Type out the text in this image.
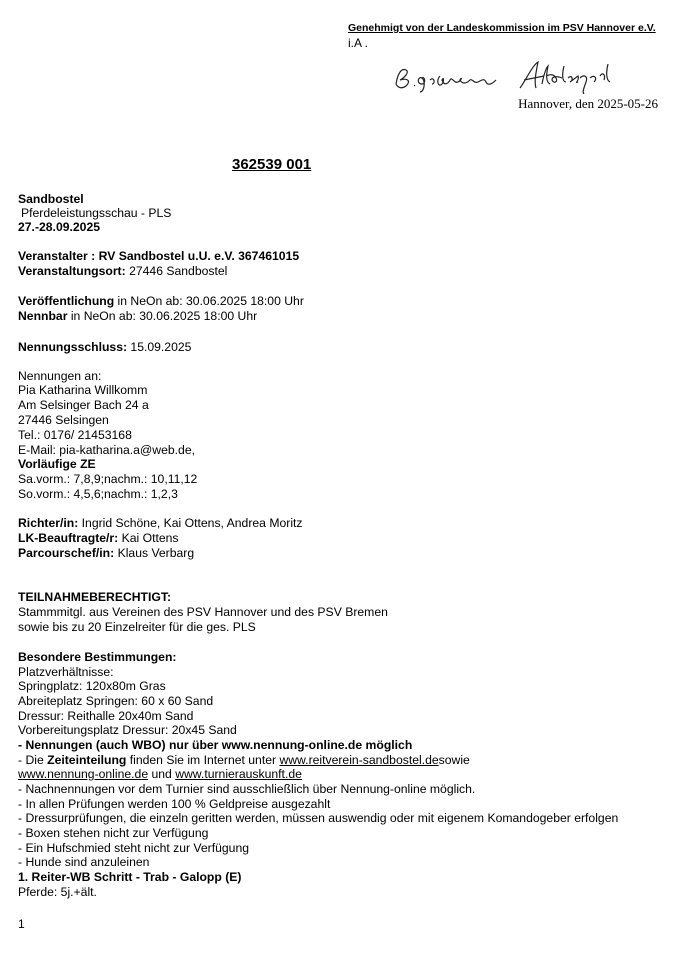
Genehmigt von der Landeskommission im PSV Hannover e.V.
i.A .
Hannover, den 2025-05-26
362539 001
Sandbostel
Pferdeleistungsschau - PLS
27.-28.09.2025
Veranstalter : RV Sandbostel u.U. e.V. 367461015
Veranstaltungsort: 27446 Sandbostel
Veröffentlichung in NeOn ab: 30.06.2025 18:00 Uhr
Nennbar in NeOn ab: 30.06.2025 18:00 Uhr
Nennungsschluss: 15.09.2025
Nennungen an:
Pia Katharina Willkomm
Am Selsinger Bach 24 a
27446 Selsingen
Tel.: 0176/ 21453168
E-Mail: pia-katharina.a@web.de,
Vorläufige ZE
Sa.vorm.: 7,8,9;nachm.: 10,11,12
So.vorm.: 4,5,6;nachm.: 1,2,3
Richter/in: Ingrid Schöne, Kai Ottens, Andrea Moritz
LK-Beauftragte/r: Kai Ottens
Parcourschef/in: Klaus Verbarg
TEILNAHMEBERECHTIGT:
Stammmitgl. aus Vereinen des PSV Hannover und des PSV Bremen
sowie bis zu 20 Einzelreiter für die ges. PLS
Besondere Bestimmungen:
Platzverhältnisse:
Springplatz: 120x80m Gras
Abreiteplatz Springen: 60 x 60 Sand
Dressur: Reithalle 20x40m Sand
Vorbereitungsplatz Dressur: 20x45 Sand
- Nennungen (auch WBO) nur über www.nennung-online.de möglich
- Die Zeiteinteilung finden Sie im Internet unter www.reitverein-sandbostel.desowie
www.nennung-online.de und www.turnierauskunft.de
- Nachnennungen vor dem Turnier sind ausschließlich über Nennung-online möglich.
- In allen Prüfungen werden 100 % Geldpreise ausgezahlt
- Dressurprüfungen, die einzeln geritten werden, müssen auswendig oder mit eigenem Komandogeber erfolgen
- Boxen stehen nicht zur Verfügung
- Ein Hufschmied steht nicht zur Verfügung
- Hunde sind anzuleinen
1. Reiter-WB Schritt - Trab - Galopp (E)
Pferde: 5j.+ält.
1
